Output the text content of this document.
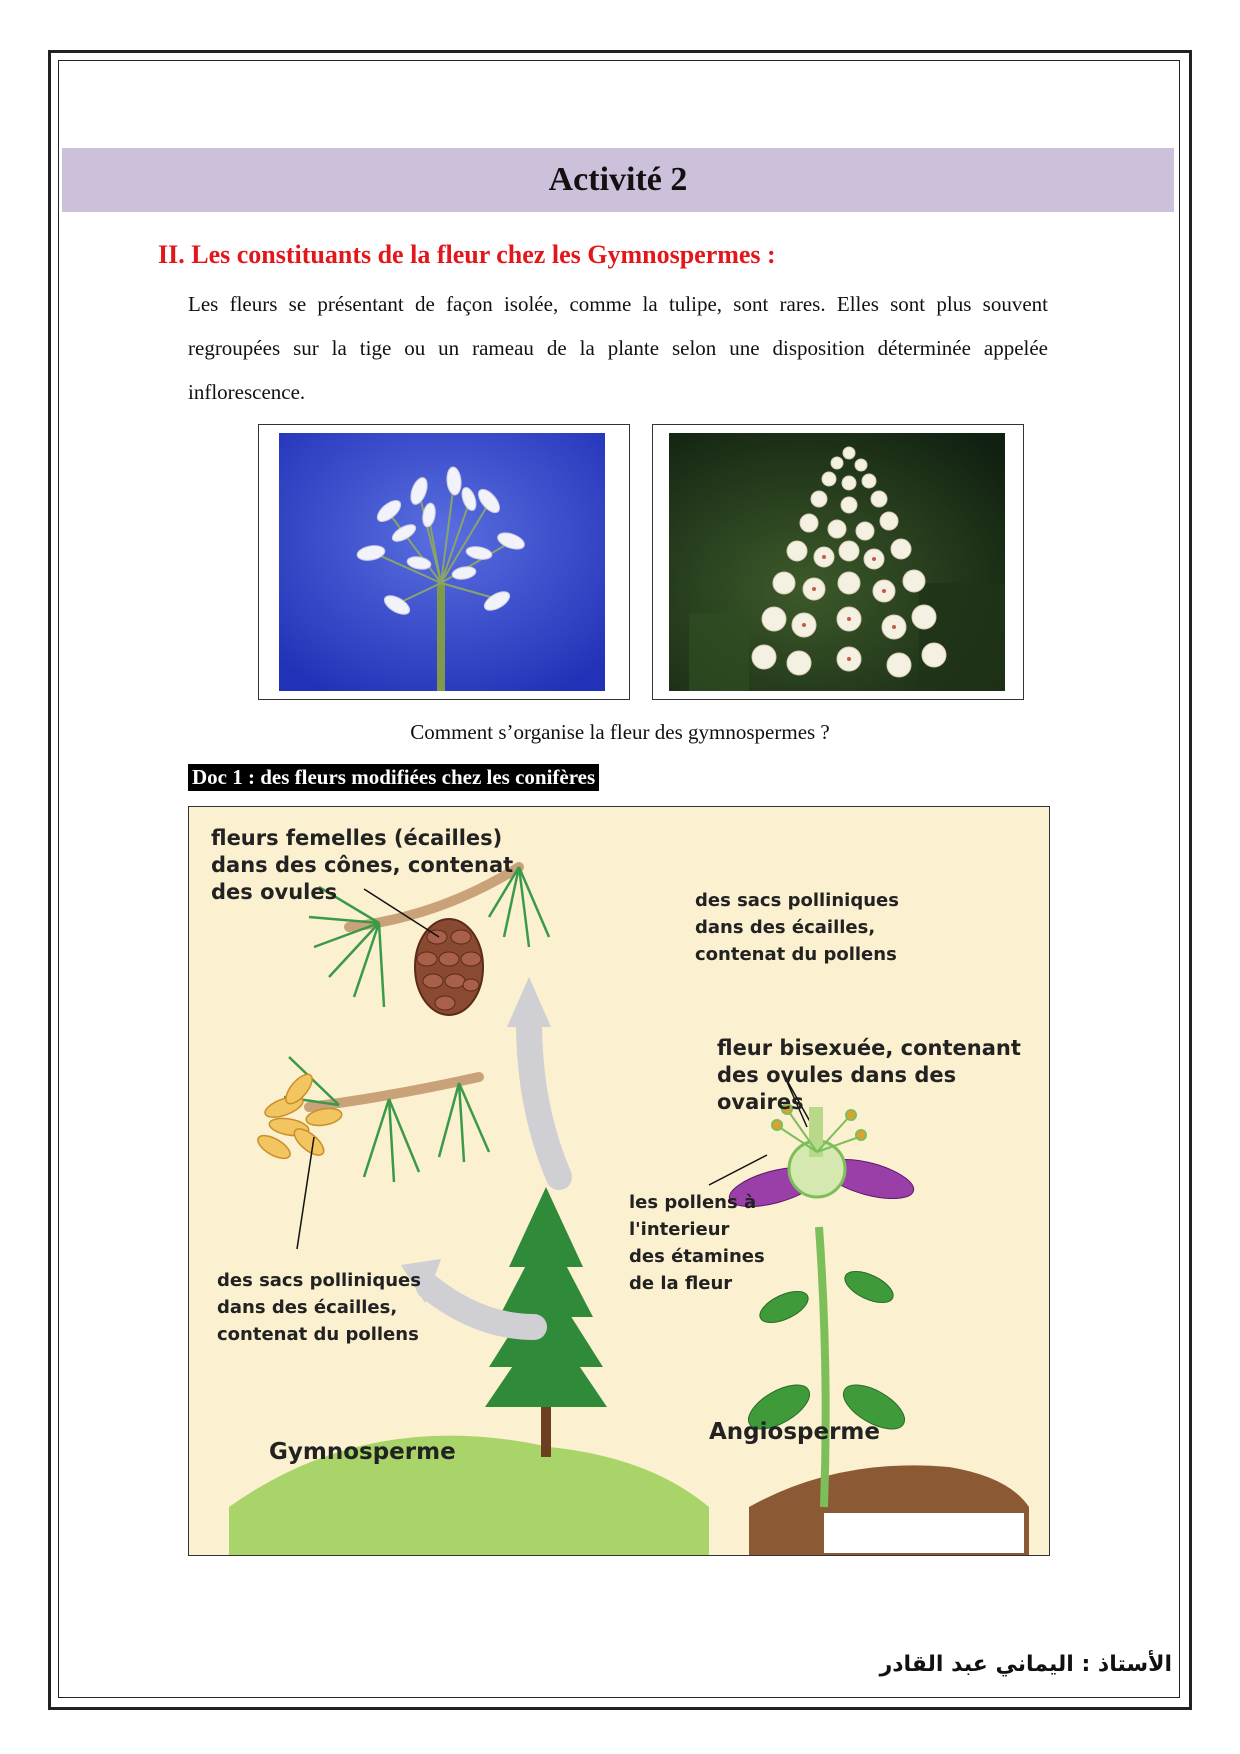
Activité 2
II. Les constituants de la fleur chez les Gymnospermes :
Les fleurs se présentant de façon isolée, comme la tulipe, sont rares. Elles sont plus souvent regroupées sur la tige ou un rameau de la plante selon une disposition déterminée appelée inflorescence.
Comment s’organise la fleur des gymnospermes ?
Doc 1 : des fleurs modifiées chez les conifères
fleurs femelles (écailles)
dans des cônes, contenat
des ovules	des sacs polliniques
dans des écailles,
contenat du pollens
fleur bisexuée, contenant
des ovules dans des ovaires
les pollens à
l'interieur
des étamines
de la fleur
des sacs polliniques
dans des écailles,
contenat du pollens
Gymnosperme
Angiosperme
الأستاذ : اليماني عبد القادر
